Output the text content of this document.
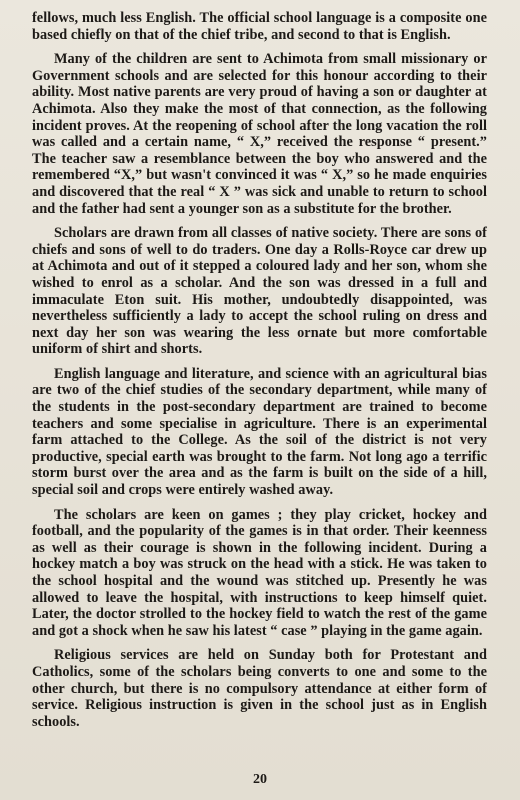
fellows, much less English. The official school language is a composite one based chiefly on that of the chief tribe, and second to that is English.

Many of the children are sent to Achimota from small missionary or Government schools and are selected for this honour according to their ability. Most native parents are very proud of having a son or daughter at Achimota. Also they make the most of that connection, as the following incident proves. At the reopening of school after the long vacation the roll was called and a certain name, “ X,” received the response “ present.” The teacher saw a resemblance between the boy who answered and the remembered “X,” but wasn't convinced it was “ X,” so he made enquiries and discovered that the real “ X ” was sick and unable to return to school and the father had sent a younger son as a substitute for the brother.

Scholars are drawn from all classes of native society. There are sons of chiefs and sons of well to do traders. One day a Rolls-Royce car drew up at Achimota and out of it stepped a coloured lady and her son, whom she wished to enrol as a scholar. And the son was dressed in a full and immaculate Eton suit. His mother, undoubtedly disappointed, was nevertheless sufficiently a lady to accept the school ruling on dress and next day her son was wearing the less ornate but more comfortable uniform of shirt and shorts.

English language and literature, and science with an agricultural bias are two of the chief studies of the secondary department, while many of the students in the post-secondary department are trained to become teachers and some specialise in agriculture. There is an experimental farm attached to the College. As the soil of the district is not very productive, special earth was brought to the farm. Not long ago a terrific storm burst over the area and as the farm is built on the side of a hill, special soil and crops were entirely washed away.

The scholars are keen on games ; they play cricket, hockey and football, and the popularity of the games is in that order. Their keenness as well as their courage is shown in the following incident. During a hockey match a boy was struck on the head with a stick. He was taken to the school hospital and the wound was stitched up. Presently he was allowed to leave the hospital, with instructions to keep himself quiet. Later, the doctor strolled to the hockey field to watch the rest of the game and got a shock when he saw his latest “ case ” playing in the game again.

Religious services are held on Sunday both for Protestant and Catholics, some of the scholars being converts to one and some to the other church, but there is no compulsory attendance at either form of service. Religious instruction is given in the school just as in English schools.

20
